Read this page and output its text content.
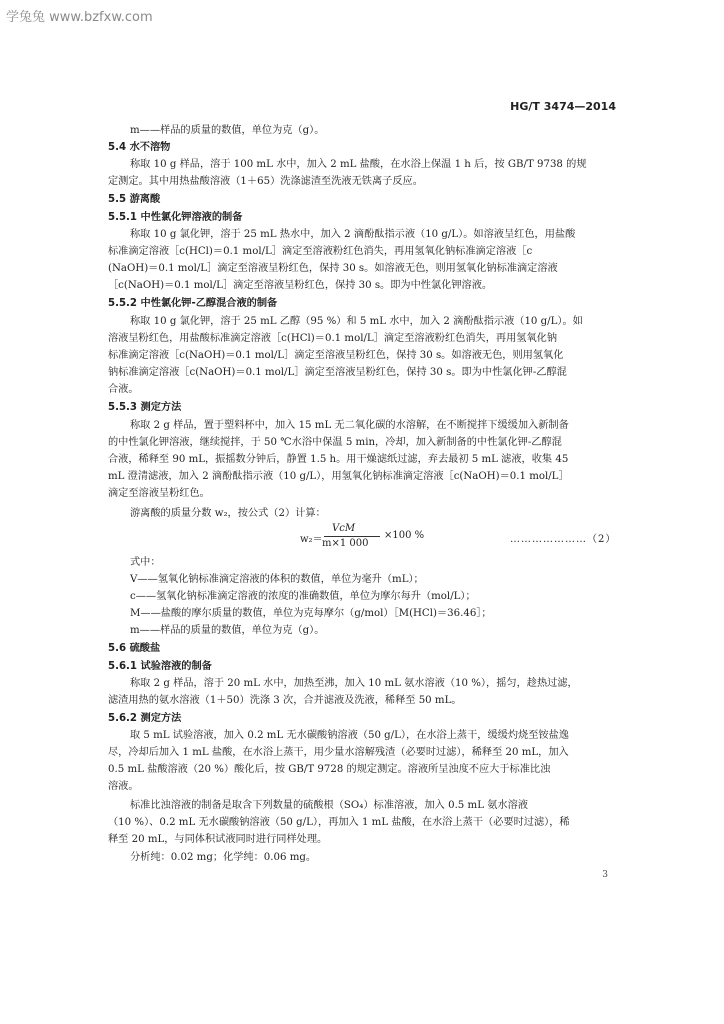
学兔兔 www.bzfxw.com
HG/T 3474—2014
m——样品的质量的数值，单位为克（g）。
5.4 水不溶物
称取 10 g 样品，溶于 100 mL 水中，加入 2 mL 盐酸，在水浴上保温 1 h 后，按 GB/T 9738 的规
定测定。其中用热盐酸溶液（1＋65）洗涤滤渣至洗液无铁离子反应。
5.5 游离酸
5.5.1 中性氯化钾溶液的制备
称取 10 g 氯化钾，溶于 25 mL 热水中，加入 2 滴酚酞指示液（10 g/L）。如溶液呈红色，用盐酸
标准滴定溶液［c(HCl)＝0.1 mol/L］滴定至溶液粉红色消失，再用氢氧化钠标准滴定溶液［c
(NaOH)＝0.1 mol/L］滴定至溶液呈粉红色，保持 30 s。如溶液无色，则用氢氧化钠标准滴定溶液
［c(NaOH)＝0.1 mol/L］滴定至溶液呈粉红色，保持 30 s。即为中性氯化钾溶液。
5.5.2 中性氯化钾-乙醇混合液的制备
称取 10 g 氯化钾，溶于 25 mL 乙醇（95 %）和 5 mL 水中，加入 2 滴酚酞指示液（10 g/L）。如
溶液呈粉红色，用盐酸标准滴定溶液［c(HCl)＝0.1 mol/L］滴定至溶液粉红色消失，再用氢氧化钠
标准滴定溶液［c(NaOH)＝0.1 mol/L］滴定至溶液呈粉红色，保持 30 s。如溶液无色，则用氢氧化
钠标准滴定溶液［c(NaOH)＝0.1 mol/L］滴定至溶液呈粉红色，保持 30 s。即为中性氯化钾-乙醇混
合液。
5.5.3 测定方法
称取 2 g 样品，置于塑料杯中，加入 15 mL 无二氧化碳的水溶解，在不断搅拌下缓缓加入新制备
的中性氯化钾溶液，继续搅拌，于 50 ℃水浴中保温 5 min，冷却，加入新制备的中性氯化钾-乙醇混
合液，稀释至 90 mL，振摇数分钟后，静置 1.5 h。用干燥滤纸过滤，弃去最初 5 mL 滤液，收集 45
mL 澄清滤液，加入 2 滴酚酞指示液（10 g/L），用氢氧化钠标准滴定溶液［c(NaOH)＝0.1 mol/L］
滴定至溶液呈粉红色。
游离酸的质量分数 w₂，按公式（2）计算：
w₂＝
VcM
m×1 000
×100 %	…………………（2）
式中：
V——氢氧化钠标准滴定溶液的体积的数值，单位为毫升（mL）；
c——氢氧化钠标准滴定溶液的浓度的准确数值，单位为摩尔每升（mol/L）；
M——盐酸的摩尔质量的数值，单位为克每摩尔（g/mol）［M(HCl)＝36.46］；
m——样品的质量的数值，单位为克（g）。
5.6 硫酸盐
5.6.1 试验溶液的制备
称取 2 g 样品，溶于 20 mL 水中，加热至沸，加入 10 mL 氨水溶液（10 %），摇匀，趁热过滤，
滤渣用热的氨水溶液（1＋50）洗涤 3 次，合并滤液及洗液，稀释至 50 mL。
5.6.2 测定方法
取 5 mL 试验溶液，加入 0.2 mL 无水碳酸钠溶液（50 g/L），在水浴上蒸干，缓缓灼烧至铵盐逸
尽，冷却后加入 1 mL 盐酸，在水浴上蒸干，用少量水溶解残渣（必要时过滤），稀释至 20 mL，加入
0.5 mL 盐酸溶液（20 %）酸化后，按 GB/T 9728 的规定测定。溶液所呈浊度不应大于标准比浊
溶液。
标准比浊溶液的制备是取含下列数量的硫酸根（SO₄）标准溶液，加入 0.5 mL 氨水溶液
（10 %）、0.2 mL 无水碳酸钠溶液（50 g/L），再加入 1 mL 盐酸，在水浴上蒸干（必要时过滤），稀
释至 20 mL，与同体积试液同时进行同样处理。
分析纯：0.02 mg；化学纯：0.06 mg。
3
